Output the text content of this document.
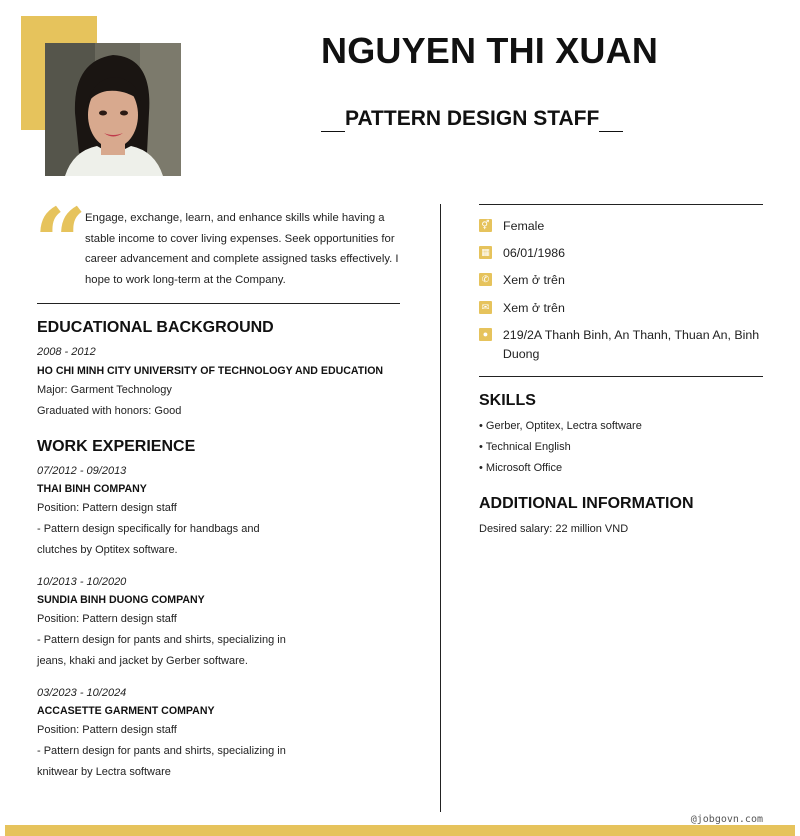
NGUYEN THI XUAN
PATTERN DESIGN STAFF
“
Engage, exchange, learn, and enhance skills while having a stable income to cover living expenses. Seek opportunities for career advancement and complete assigned tasks effectively. I hope to work long-term at the Company.
EDUCATIONAL BACKGROUND
2008 - 2012
HO CHI MINH CITY UNIVERSITY OF TECHNOLOGY AND EDUCATION
Major: Garment Technology
Graduated with honors: Good
WORK EXPERIENCE
07/2012 - 09/2013
THAI BINH COMPANY
Position: Pattern design staff
- Pattern design specifically for handbags and
clutches by Optitex software.
10/2013 - 10/2020
SUNDIA BINH DUONG COMPANY
Position: Pattern design staff
- Pattern design for pants and shirts, specializing in
jeans, khaki and jacket by Gerber software.
03/2023 - 10/2024
ACCASETTE GARMENT COMPANY
Position: Pattern design staff
- Pattern design for pants and shirts, specializing in
knitwear by Lectra software
⚥ Female
▦ 06/01/1986
✆ Xem ở trên
✉ Xem ở trên
●	219/2A Thanh Binh, An Thanh, Thuan An, Binh Duong
SKILLS
• Gerber, Optitex, Lectra software
• Technical English
• Microsoft Office
ADDITIONAL INFORMATION
Desired salary: 22 million VND
@jobgovn.com
